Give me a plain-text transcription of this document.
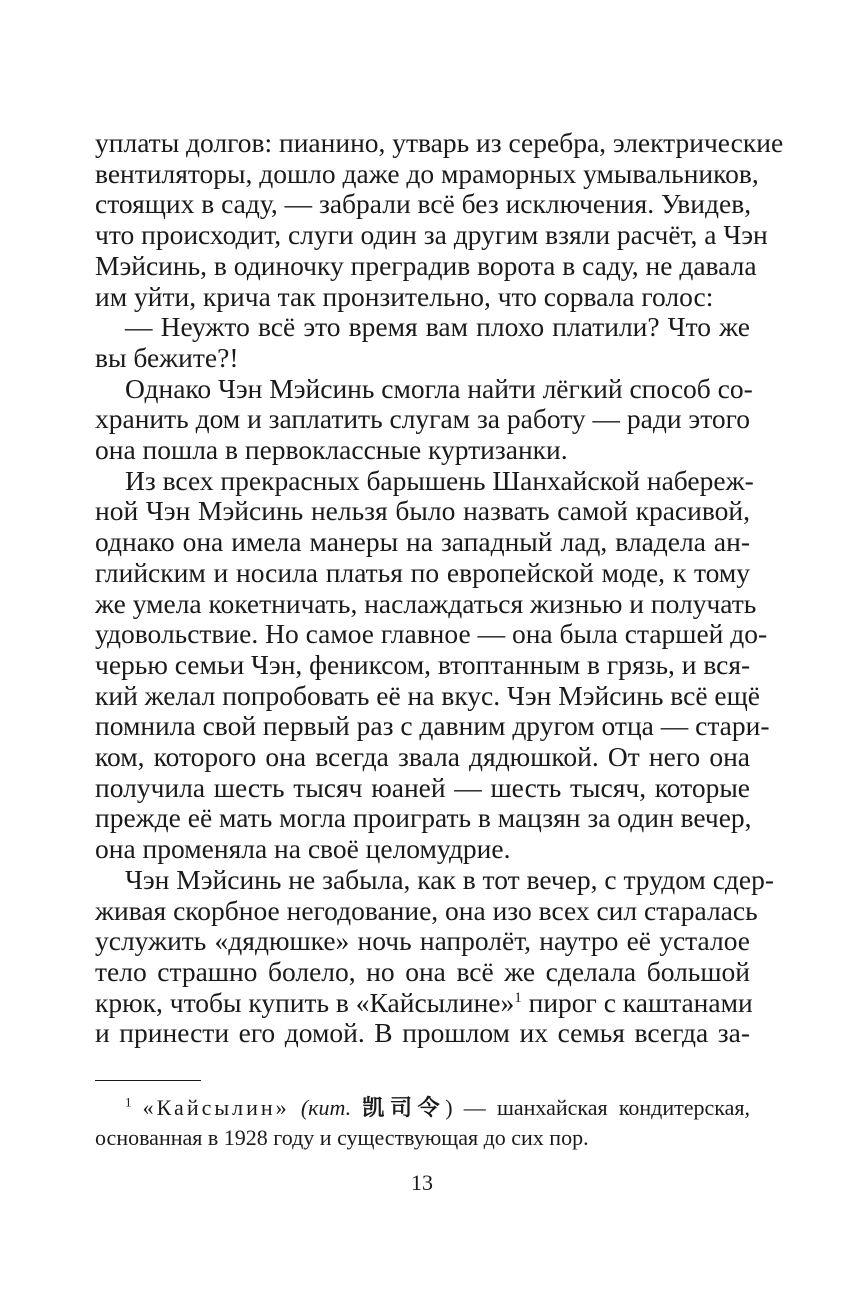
уплаты долгов: пианино, утварь из серебра, электрические
вентиляторы, дошло даже до мраморных умывальников,
стоящих в саду, — забрали всё без исключения. Увидев,
что происходит, слуги один за другим взяли расчёт, а Чэн
Мэйсинь, в одиночку преградив ворота в саду, не давала
им уйти, крича так пронзительно, что сорвала голос:
— Неужто всё это время вам плохо платили? Что же
вы бежите?!
Однако Чэн Мэйсинь смогла найти лёгкий способ со-
хранить дом и заплатить слугам за работу — ради этого
она пошла в первоклассные куртизанки.
Из всех прекрасных барышень Шанхайской набереж-
ной Чэн Мэйсинь нельзя было назвать самой красивой,
однако она имела манеры на западный лад, владела ан-
глийским и носила платья по европейской моде, к тому
же умела кокетничать, наслаждаться жизнью и получать
удовольствие. Но самое главное — она была старшей до-
черью семьи Чэн, фениксом, втоптанным в грязь, и вся-
кий желал попробовать её на вкус. Чэн Мэйсинь всё ещё
помнила свой первый раз с давним другом отца — стари-
ком, которого она всегда звала дядюшкой. От него она
получила шесть тысяч юаней — шесть тысяч, которые
прежде её мать могла проиграть в мацзян за один вечер,
она променяла на своё целомудрие.
Чэн Мэйсинь не забыла, как в тот вечер, с трудом сдер-
живая скорбное негодование, она изо всех сил старалась
услужить «дядюшке» ночь напролёт, наутро её усталое
тело страшно болело, но она всё же сделала большой
крюк, чтобы купить в «Кайсылине»$^1$ пирог с каштанами
и принести его домой. В прошлом их семья всегда за-
$^1$ «Кайсылин» (кит. 凯司令) — шанхайская кондитерская,
основанная в 1928 году и существующая до сих пор.
13
